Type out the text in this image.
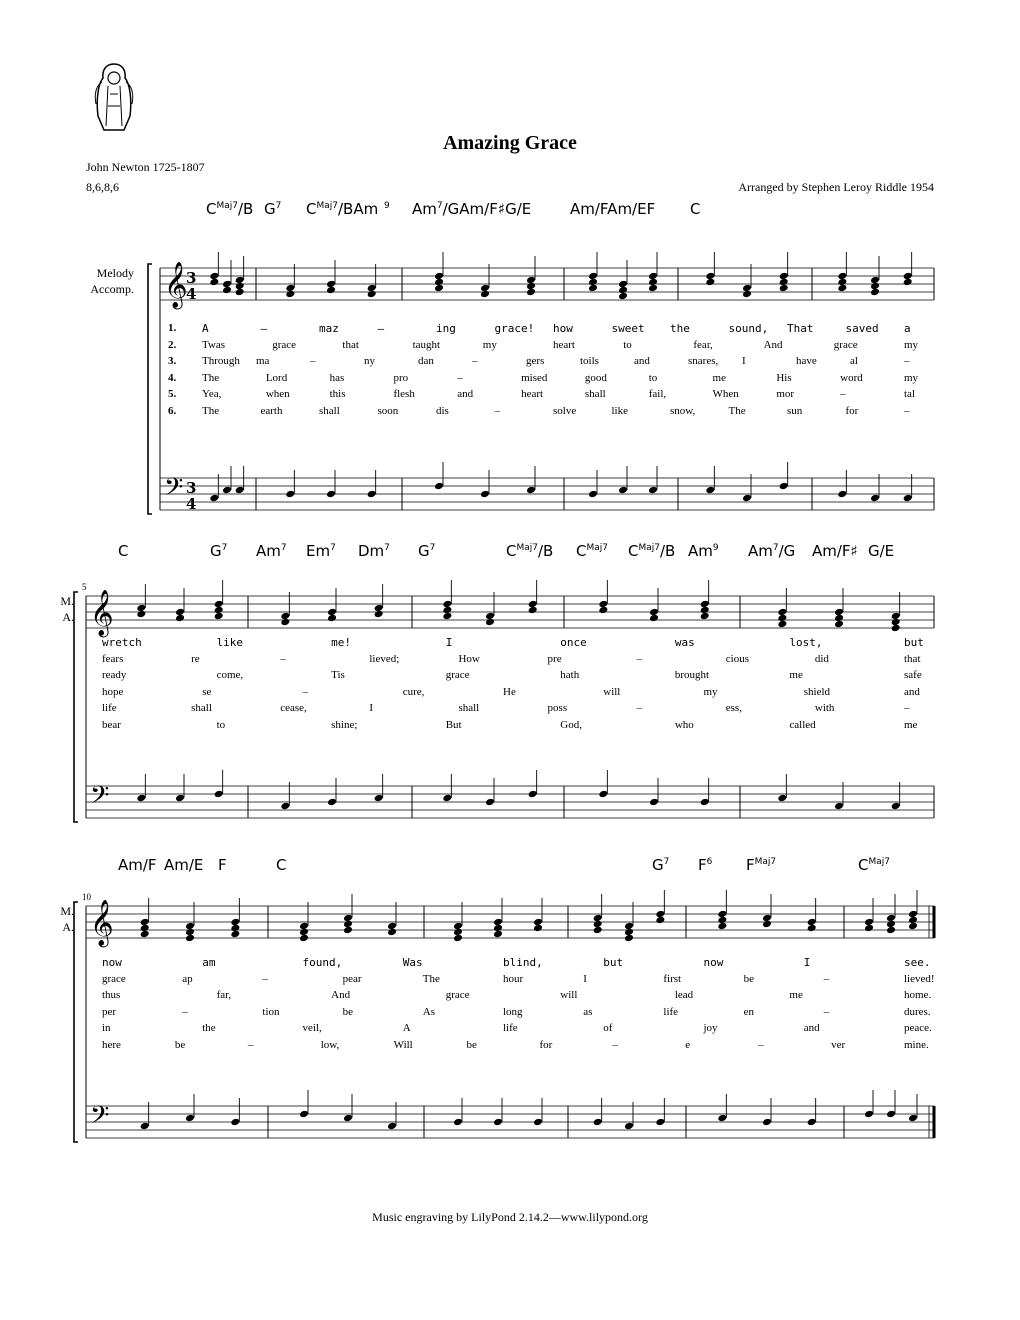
Amazing Grace
John Newton 1725-1807
8,6,8,6	Arranged by Stephen Leroy Riddle 1954
$C^{Maj7}/B$ $G^7$ $C^{Maj7}$/BAm $^9$ Am$^7$/GAm/F♯G/E	Am/FAm/EF C
Melody
Accomp. 𝄞
𝄢
3
4
3
4
1.
2.
3.
4.
5.
6.
A	–	maz	–	ing	grace! how	sweet the	sound, That	saved a
Twas	grace	that	taught	my	heart	to	fear,	And	grace	my
Through ma	–	ny	dan	–	gers	toils	and	snares, I	have	al	–
The	Lord	has	pro	–	mised	good	to	me	His	word	my
Yea,	when	this	flesh	and	heart	shall	fail,	When	mor	–	tal
The	earth	shall	soon	dis	–	solve	like	snow,	The	sun	for	–
C	$G^7$ Am$^7$ Em$^7$ Dm$^7$ $G^7$	$C^{Maj7}/B$ $C^{Maj7}$ $C^{Maj7}/B$ Am$^9$ Am$^7$/G Am/F♯ G/E
M.
A.
5
𝄞
𝄢
wretch	like	me!	I	once	was	lost,	but
fears	re	–	lieved;	How	pre	–	cious	did	that
ready	come,	Tis	grace	hath	brought	me	safe
hope	se	–	cure,	He	will	my	shield	and
life	shall	cease,	I	shall	poss	–	ess,	with	–
bear	to	shine;	But	God,	who	called	me
Am/F Am/E F	C	$G^7$ $F^6$ $F^{Maj7}$	$C^{Maj7}$
M.
A.
10
𝄞
𝄢
now	am	found,	Was	blind,	but	now	I	see.
grace	ap	–	pear	The	hour	I	first	be	–	lieved!
thus	far,	And	grace	will	lead	me	home.
per	–	tion	be	As	long	as	life	en	–	dures.
in	the	veil,	A	life	of	joy	and	peace.
here	be	–	low,	Will	be	for	–	e	–	ver	mine.
Music engraving by LilyPond 2.14.2—www.lilypond.org
